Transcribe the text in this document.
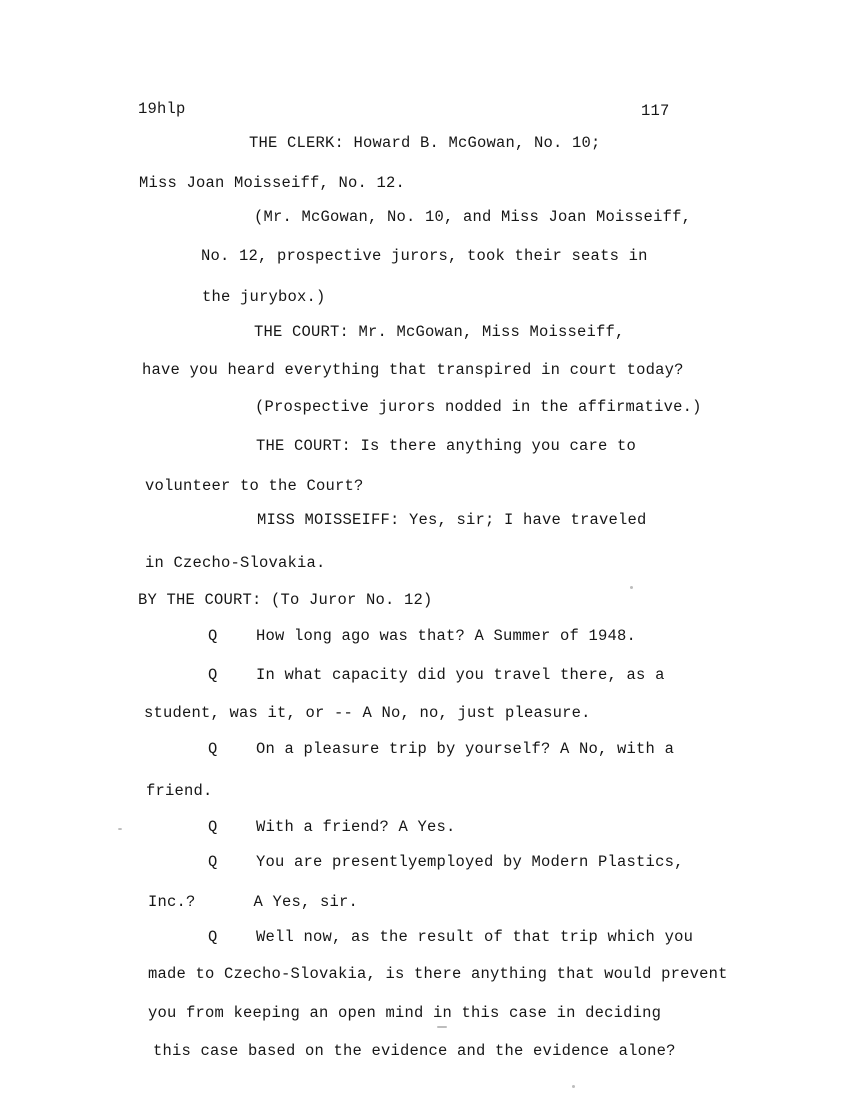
19hlp	117
THE CLERK: Howard B. McGowan, No. 10;
Miss Joan Moisseiff, No. 12.
(Mr. McGowan, No. 10, and Miss Joan Moisseiff,
No. 12, prospective jurors, took their seats in
the jurybox.)
THE COURT: Mr. McGowan, Miss Moisseiff,
have you heard everything that transpired in court today?
(Prospective jurors nodded in the affirmative.)
THE COURT: Is there anything you care to
volunteer to the Court?
MISS MOISSEIFF: Yes, sir; I have traveled
in Czecho-Slovakia.
BY THE COURT: (To Juror No. 12)
Q How long ago was that? A Summer of 1948.
Q In what capacity did you travel there, as a
student, was it, or -- A No, no, just pleasure.
Q On a pleasure trip by yourself? A No, with a
friend.
Q With a friend? A Yes.
Q You are presentlyemployed by Modern Plastics,
Inc.?	A Yes, sir.
Q Well now, as the result of that trip which you
made to Czecho-Slovakia, is there anything that would prevent
you from keeping an open mind in this case in deciding
this case based on the evidence and the evidence alone?
